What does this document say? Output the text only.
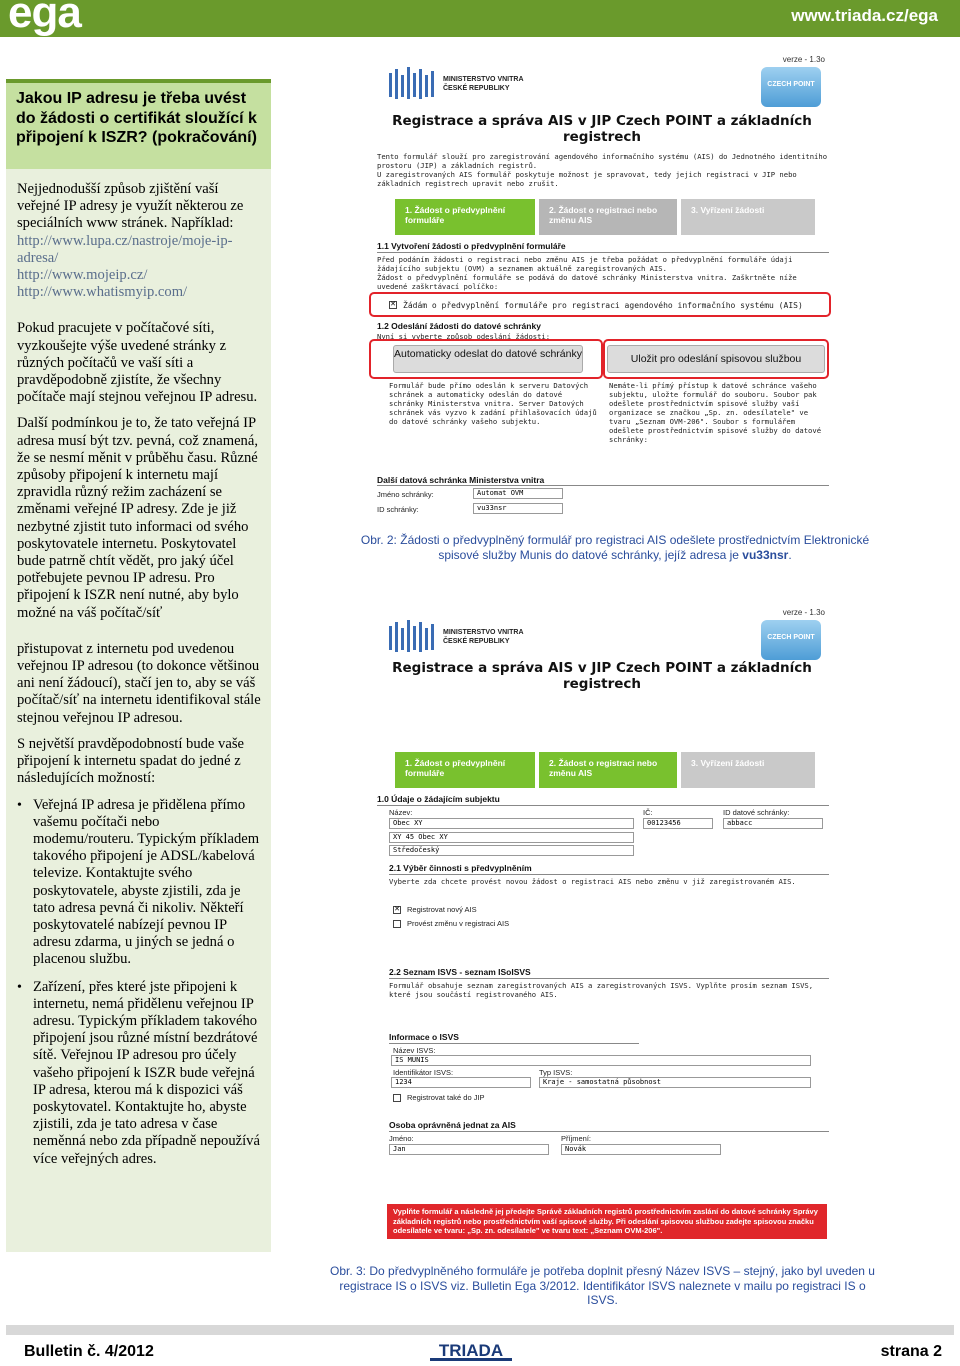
ega	www.triada.cz/ega
Jakou IP adresu je třeba uvést do žádosti o certifikát sloužící k připojení k ISZR? (pokračování)

Nejjednodušší způsob zjištění vaší veřejné IP adresy je využít některou ze speciálních www stránek. Například:
http://www.lupa.cz/nastroje/moje-ip-adresa/
http://www.mojeip.cz/
http://www.whatismyip.com/

Pokud pracujete v počítačové síti, vyzkoušejte výše uvedené stránky z různých počítačů ve vaší síti a pravděpodobně zjistíte, že všechny počítače mají stejnou veřejnou IP adresu.

Další podmínkou je to, že tato veřejná IP adresa musí být tzv. pevná, což znamená, že se nesmí měnit v průběhu času. Různé způsoby připojení k internetu mají zpravidla různý režim zacházení se změnami veřejné IP adresy. Zde je již nezbytné zjistit tuto informaci od svého poskytovatele internetu. Poskytovatel bude patrně chtít vědět, pro jaký účel potřebujete pevnou IP adresu. Pro připojení k ISZR není nutné, aby bylo možné na váš počítač/síť

přistupovat z internetu pod uvedenou veřejnou IP adresou (to dokonce většinou ani není žádoucí), stačí jen to, aby se váš počítač/síť na internetu identifikoval stále stejnou veřejnou IP adresou.

S největší pravděpodobností bude vaše připojení k internetu spadat do jedné z následujících možností:

• Veřejná IP adresa je přidělena přímo vašemu počítači nebo modemu/routeru. Typickým příkladem takového připojení je ADSL/kabelová televize. Kontaktujte svého poskytovatele, abyste zjistili, zda je tato adresa pevná či nikoliv. Někteří poskytovatelé nabízejí pevnou IP adresu zdarma, u jiných se jedná o placenou službu.
• Zařízení, přes které jste připojeni k internetu, nemá přidělenu veřejnou IP adresu. Typickým příkladem takového připojení jsou různé místní bezdrátové sítě. Veřejnou IP adresou pro účely vašeho připojení k ISZR bude veřejná IP adresa, kterou má k dispozici váš poskytovatel. Kontaktujte ho, abyste zjistili, zda je tato adresa v čase neměnná nebo zda případně nepoužívá více veřejných adres.
verze - 1.3o
MINISTERSTVO VNITRA
ČESKÉ REPUBLIKY
CZECH POINT
Registrace a správa AIS v JIP Czech POINT a základních registrech
Tento formulář slouží pro zaregistrování agendového informačního systému (AIS) do Jednotného identitního prostoru (JIP) a základních registrů.
U zaregistrovaných AIS formulář poskytuje možnost je spravovat, tedy jejich registraci v JIP nebo základních registrech upravit nebo zrušit.
1. Žádost o předvyplnění formuláře
2. Žádost o registraci nebo změnu AIS
3. Vyřízení žádosti
1.1 Vytvoření žádosti o předvyplnění formuláře
Před podáním žádosti o registraci nebo změnu AIS je třeba požádat o předvyplnění formuláře údaji žádajícího subjektu (OVM) a seznamem aktuálně zaregistrovaných AIS.
Žádost o předvyplnění formuláře se podává do datové schránky Ministerstva vnitra. Zaškrtněte níže uvedené zaškrtávací políčko:
✕ Žádám o předvyplnění formuláře pro registraci agendového informačního systému (AIS)
1.2 Odeslání žádosti do datové schránky
Nyní si vyberte způsob odeslání žádosti:
Automaticky odeslat do datové schránky	Uložit pro odeslání spisovou službou
Formulář bude přímo odeslán k serveru Datových schránek a automaticky odeslán do datové schránky Ministerstva vnitra. Server Datových schránek vás vyzvo k zadání přihlašovacích údajů do datové schránky vašeho subjektu.
Nemáte-li přímý přístup k datové schránce vašeho subjektu, uložte formulář do souboru. Soubor pak odešlete prostřednictvím spisové služby vaší organizace se značkou „Sp. zn. odesílatele" ve tvaru „Seznam OVM-206". Soubor s formulářem odešlete prostřednictvím spisové služby do datové schránky:
Další datová schránka Ministerstva vnitra
Jméno schránky:	Automat OVM
ID schránky:	vu33nsr
Obr. 2: Žádosti o předvyplněný formulář pro registraci AIS odešlete prostřednictvím Elektronické spisové služby Munis do datové schránky, jejíž adresa je vu33nsr.
verze - 1.3o
MINISTERSTVO VNITRA
ČESKÉ REPUBLIKY
CZECH POINT
Registrace a správa AIS v JIP Czech POINT a základních registrech
1. Žádost o předvyplnění formuláře
2. Žádost o registraci nebo změnu AIS
3. Vyřízení žádosti
1.0 Údaje o žádajícím subjektu
Název:
Obec XY
IČ:
00123456
ID datové schránky:
abbacc
XY 45 Obec XY
Středočeský
2.1 Výběr činnosti s předvyplněním
Vyberte zda chcete provést novou žádost o registraci AIS nebo změnu v již zaregistrovaném AIS.
✕ Registrovat nový AIS
Provést změnu v registraci AIS
2.2 Seznam ISVS - seznam ISoISVS
Formulář obsahuje seznam zaregistrovaných AIS a zaregistrovaných ISVS. Vyplňte prosím seznam ISVS, které jsou součástí registrovaného AIS.
Informace o ISVS
Název ISVS:
IS MUNIS
Identifikátor ISVS:
1234
Typ ISVS:
Kraje - samostatná působnost
Registrovat také do JIP
Osoba oprávněná jednat za AIS
Jméno:
Jan
Příjmení:
Novák
Vyplňte formulář a následně jej předejte Správě základních registrů prostřednictvím zaslání do datové schránky Správy základních registrů nebo prostřednictvím vaší spisové služby. Při odeslání spisovou službou zadejte spisovou značku odesílatele ve tvaru: „Sp. zn. odesílatele" ve tvaru text: „Seznam OVM-206".
Obr. 3: Do předvyplněného formuláře je potřeba doplnit přesný Název ISVS – stejný, jako byl uveden u registrace IS o ISVS viz. Bulletin Ega 3/2012. Identifikátor ISVS naleznete v mailu po registraci IS o ISVS.
Bulletin č. 4/2012	TRIADA	strana 2
